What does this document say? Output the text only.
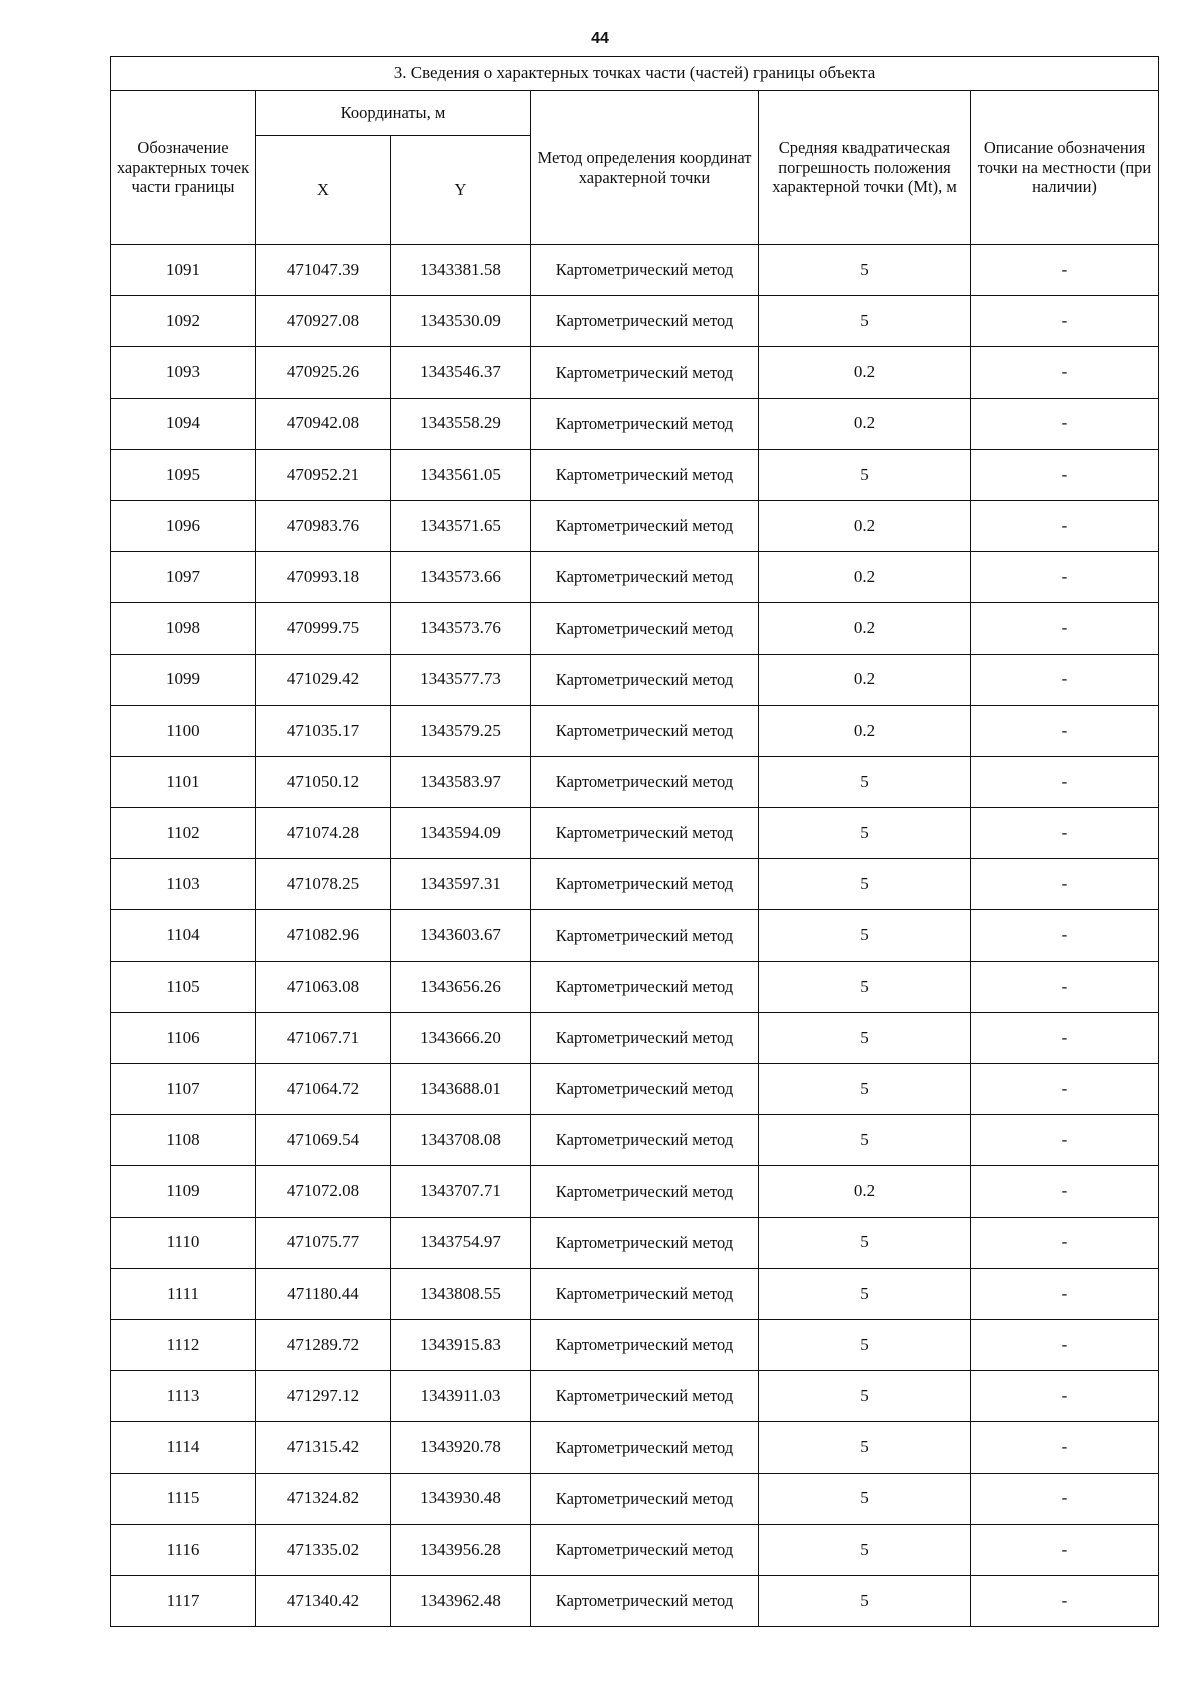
44
3. Сведения о характерных точках части (частей) границы объекта					
Обозначение характерных точек части границы	Координаты, м		Метод определения координат характерной точки	Средняя квадратическая погрешность положения характерной точки (Mt), м	Описание обозначения точки на местности (при наличии)
	X	Y			
1091	471047.39	1343381.58	Картометрический метод	5	-
1092	470927.08	1343530.09	Картометрический метод	5	-
1093	470925.26	1343546.37	Картометрический метод	0.2	-
1094	470942.08	1343558.29	Картометрический метод	0.2	-
1095	470952.21	1343561.05	Картометрический метод	5	-
1096	470983.76	1343571.65	Картометрический метод	0.2	-
1097	470993.18	1343573.66	Картометрический метод	0.2	-
1098	470999.75	1343573.76	Картометрический метод	0.2	-
1099	471029.42	1343577.73	Картометрический метод	0.2	-
1100	471035.17	1343579.25	Картометрический метод	0.2	-
1101	471050.12	1343583.97	Картометрический метод	5	-
1102	471074.28	1343594.09	Картометрический метод	5	-
1103	471078.25	1343597.31	Картометрический метод	5	-
1104	471082.96	1343603.67	Картометрический метод	5	-
1105	471063.08	1343656.26	Картометрический метод	5	-
1106	471067.71	1343666.20	Картометрический метод	5	-
1107	471064.72	1343688.01	Картометрический метод	5	-
1108	471069.54	1343708.08	Картометрический метод	5	-
1109	471072.08	1343707.71	Картометрический метод	0.2	-
1110	471075.77	1343754.97	Картометрический метод	5	-
1111	471180.44	1343808.55	Картометрический метод	5	-
1112	471289.72	1343915.83	Картометрический метод	5	-
1113	471297.12	1343911.03	Картометрический метод	5	-
1114	471315.42	1343920.78	Картометрический метод	5	-
1115	471324.82	1343930.48	Картометрический метод	5	-
1116	471335.02	1343956.28	Картометрический метод	5	-
1117	471340.42	1343962.48	Картометрический метод	5	-
